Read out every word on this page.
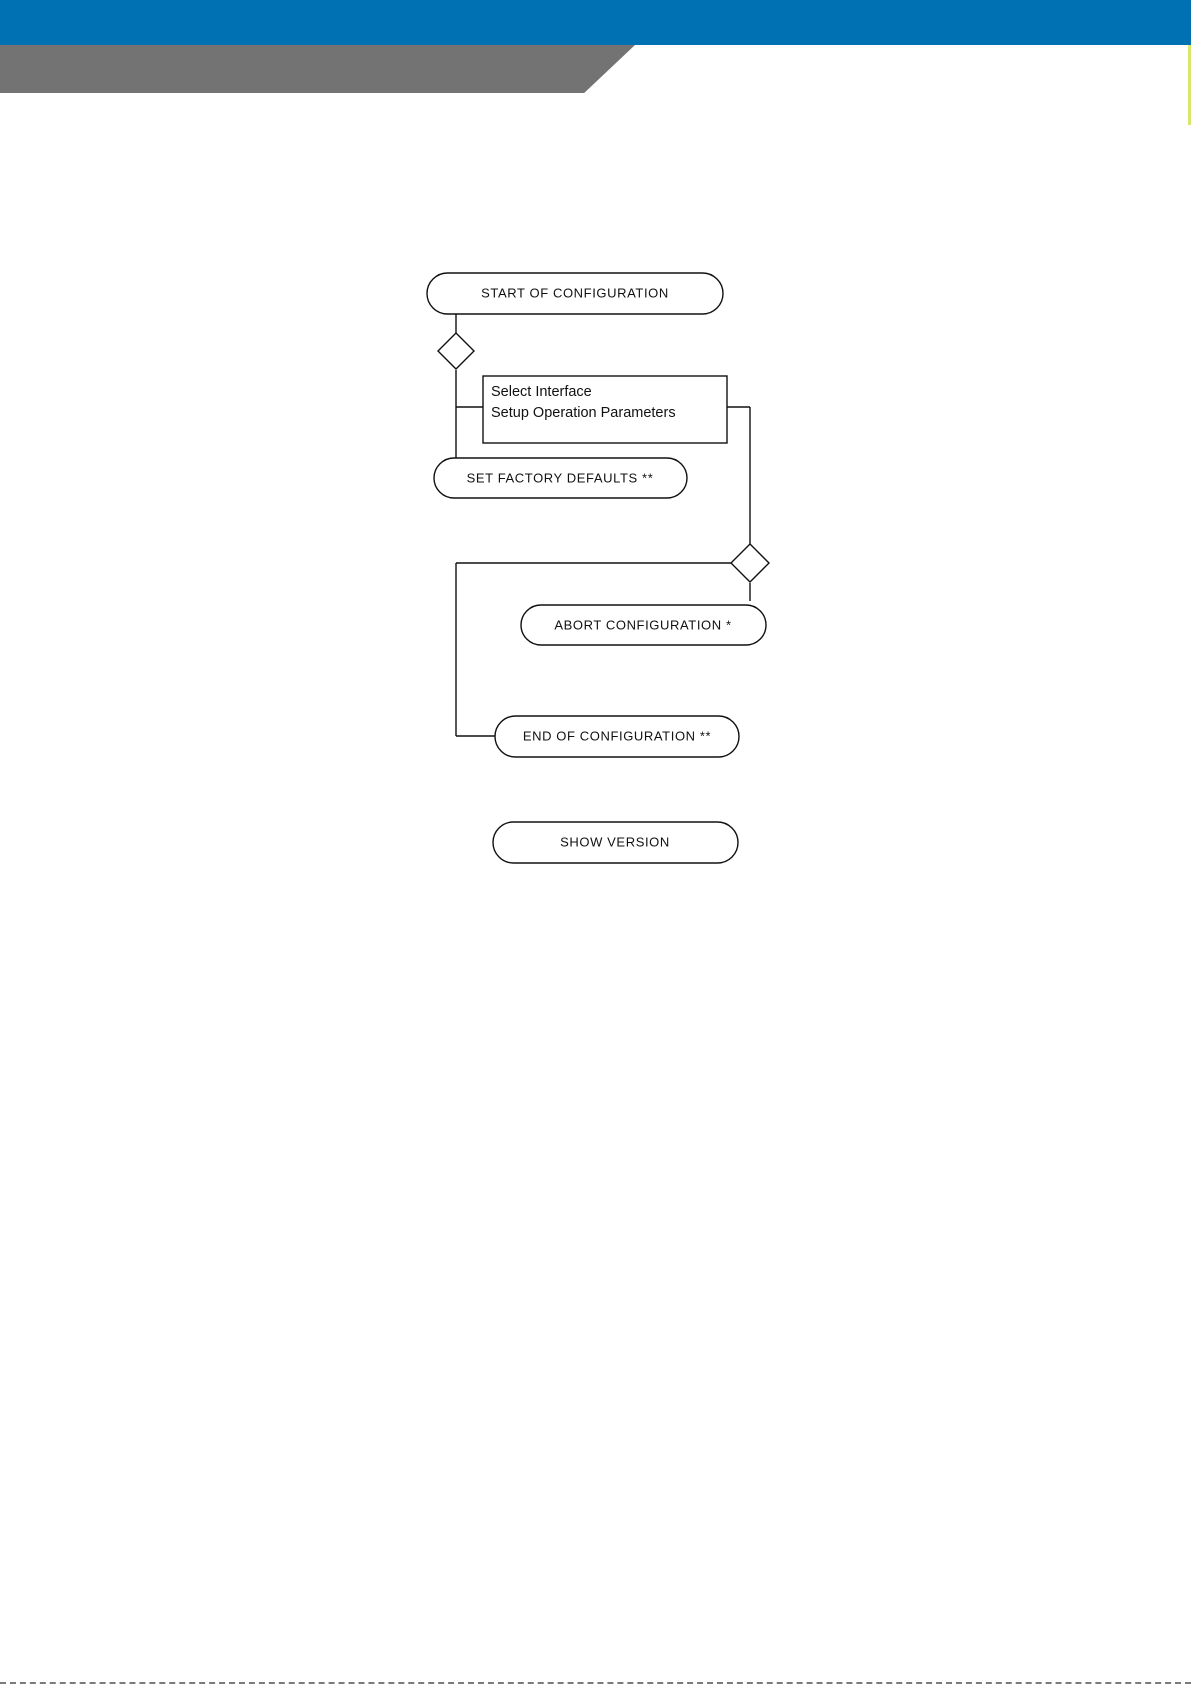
START OF CONFIGURATION
Select Interface
Setup Operation Parameters
SET FACTORY DEFAULTS **
ABORT CONFIGURATION *
END OF CONFIGURATION **
SHOW VERSION
